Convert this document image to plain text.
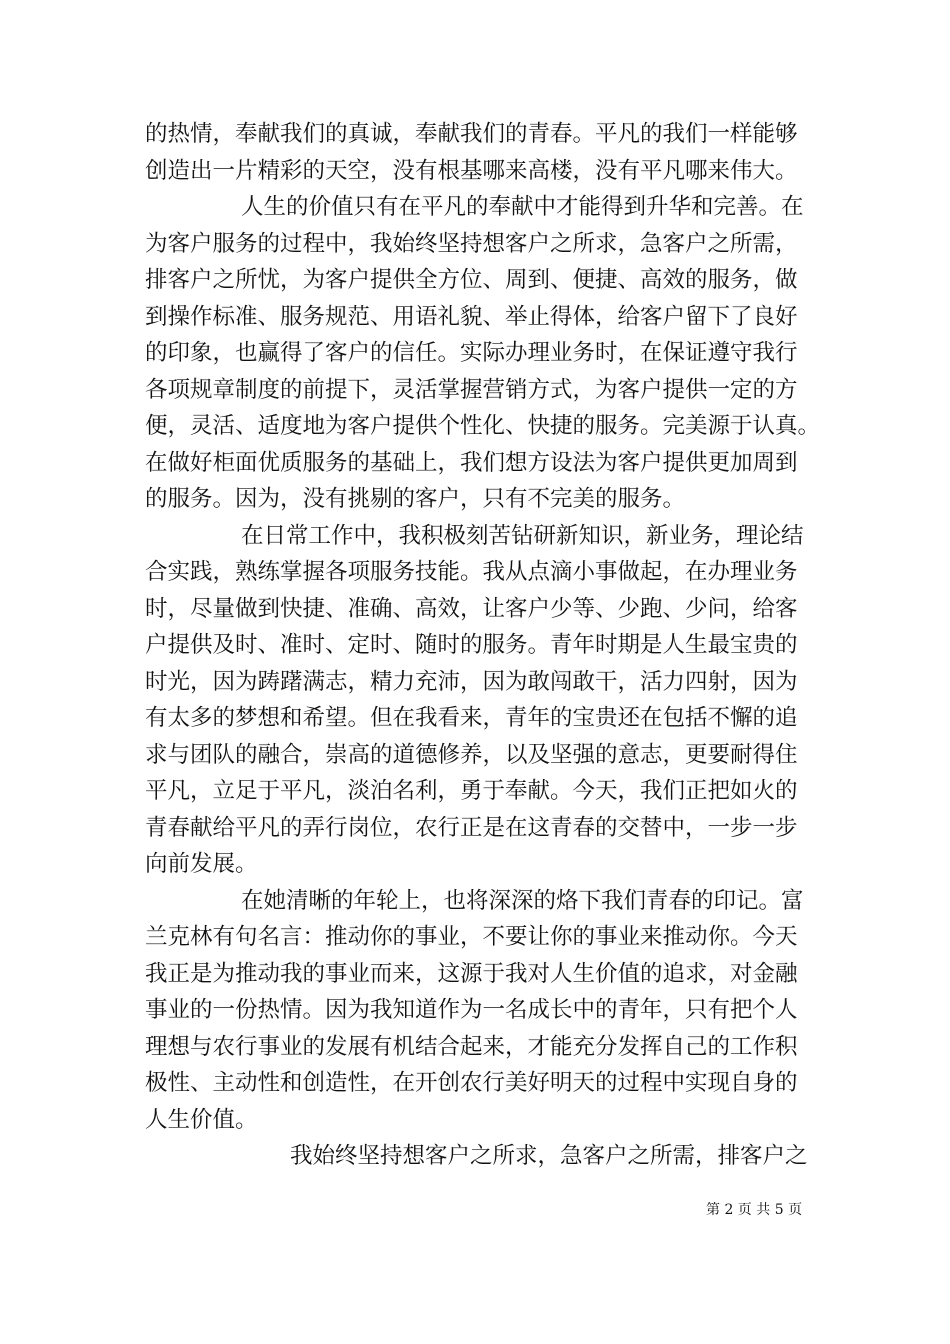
的热情，奉献我们的真诚，奉献我们的青春。平凡的我们一样能够
创造出一片精彩的天空，没有根基哪来高楼，没有平凡哪来伟大。
人生的价值只有在平凡的奉献中才能得到升华和完善。在
为客户服务的过程中，我始终坚持想客户之所求，急客户之所需，
排客户之所忧，为客户提供全方位、周到、便捷、高效的服务，做
到操作标准、服务规范、用语礼貌、举止得体，给客户留下了良好
的印象，也赢得了客户的信任。实际办理业务时，在保证遵守我行
各项规章制度的前提下，灵活掌握营销方式，为客户提供一定的方
便，灵活、适度地为客户提供个性化、快捷的服务。完美源于认真。
在做好柜面优质服务的基础上，我们想方设法为客户提供更加周到
的服务。因为，没有挑剔的客户，只有不完美的服务。
在日常工作中，我积极刻苦钻研新知识，新业务，理论结
合实践，熟练掌握各项服务技能。我从点滴小事做起，在办理业务
时，尽量做到快捷、准确、高效，让客户少等、少跑、少问，给客
户提供及时、准时、定时、随时的服务。青年时期是人生最宝贵的
时光，因为踌躇满志，精力充沛，因为敢闯敢干，活力四射，因为
有太多的梦想和希望。但在我看来，青年的宝贵还在包括不懈的追
求与团队的融合，崇高的道德修养，以及坚强的意志，更要耐得住
平凡，立足于平凡，淡泊名利，勇于奉献。今天，我们正把如火的
青春献给平凡的弄行岗位，农行正是在这青春的交替中，一步一步
向前发展。
在她清晰的年轮上，也将深深的烙下我们青春的印记。富
兰克林有句名言：推动你的事业，不要让你的事业来推动你。今天
我正是为推动我的事业而来，这源于我对人生价值的追求，对金融
事业的一份热情。因为我知道作为一名成长中的青年，只有把个人
理想与农行事业的发展有机结合起来，才能充分发挥自己的工作积
极性、主动性和创造性，在开创农行美好明天的过程中实现自身的
人生价值。
我始终坚持想客户之所求，急客户之所需，排客户之
第 2 页 共 5 页
